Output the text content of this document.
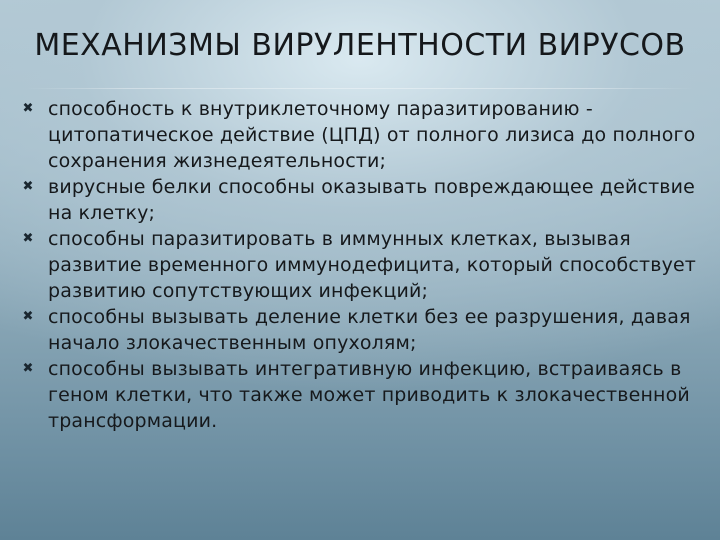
МЕХАНИЗМЫ ВИРУЛЕНТНОСТИ ВИРУСОВ
✖ способность к внутриклеточному паразитированию - цитопатическое действие (ЦПД) от полного лизиса до полного сохранения жизнедеятельности;
✖ вирусные белки способны оказывать повреждающее действие на клетку;
✖ способны паразитировать в иммунных клетках, вызывая развитие временного иммунодефицита, который способствует развитию сопутствующих инфекций;
✖ способны вызывать деление клетки без ее разрушения, давая начало злокачественным опухолям;
✖ способны вызывать интегративную инфекцию, встраиваясь в геном клетки, что также может приводить к злокачественной трансформации.
